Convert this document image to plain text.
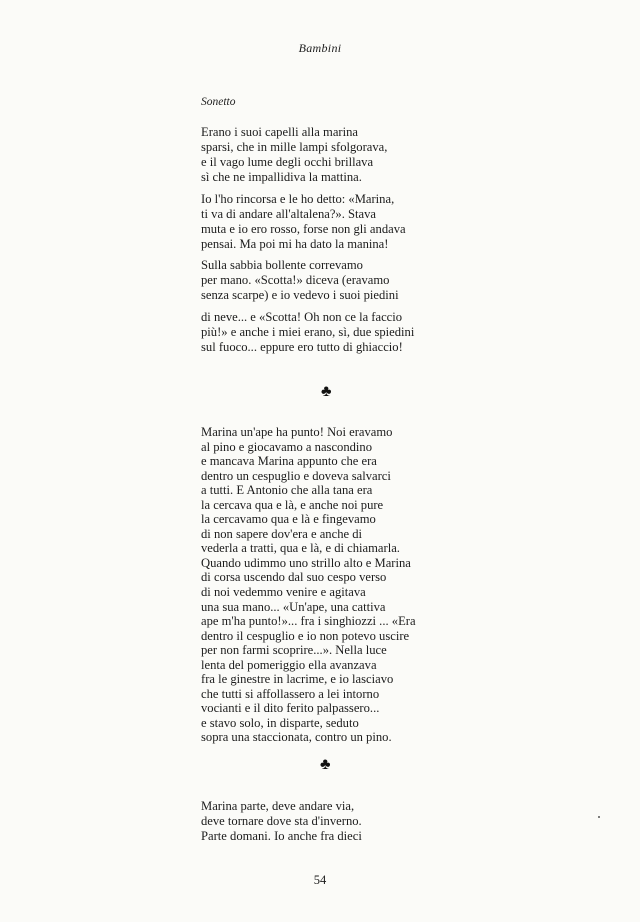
Bambini
Sonetto

Erano i suoi capelli alla marina
sparsi, che in mille lampi sfolgorava,
e il vago lume degli occhi brillava
sì che ne impallidiva la mattina.

Io l'ho rincorsa e le ho detto: «Marina,
ti va di andare all'altalena?». Stava
muta e io ero rosso, forse non gli andava
pensai. Ma poi mi ha dato la manina!

Sulla sabbia bollente correvamo
per mano. «Scotta!» diceva (eravamo
senza scarpe) e io vedevo i suoi piedini

di neve... e «Scotta! Oh non ce la faccio
più!» e anche i miei erano, sì, due spiedini
sul fuoco... eppure ero tutto di ghiaccio!

♣

Marina un'ape ha punto! Noi eravamo
al pino e giocavamo a nascondino
e mancava Marina appunto che era
dentro un cespuglio e doveva salvarci
a tutti. E Antonio che alla tana era
la cercava qua e là, e anche noi pure
la cercavamo qua e là e fingevamo
di non sapere dov'era e anche di
vederla a tratti, qua e là, e di chiamarla.
Quando udimmo uno strillo alto e Marina
di corsa uscendo dal suo cespo verso
di noi vedemmo venire e agitava
una sua mano... «Un'ape, una cattiva
ape m'ha punto!»... fra i singhiozzi ... «Era
dentro il cespuglio e io non potevo uscire
per non farmi scoprire...». Nella luce
lenta del pomeriggio ella avanzava
fra le ginestre in lacrime, e io lasciavo
che tutti si affollassero a lei intorno
vocianti e il dito ferito palpassero...
e stavo solo, in disparte, seduto
sopra una staccionata, contro un pino.

♣

Marina parte, deve andare via,
deve tornare dove sta d'inverno.
Parte domani. Io anche fra dieci

54
